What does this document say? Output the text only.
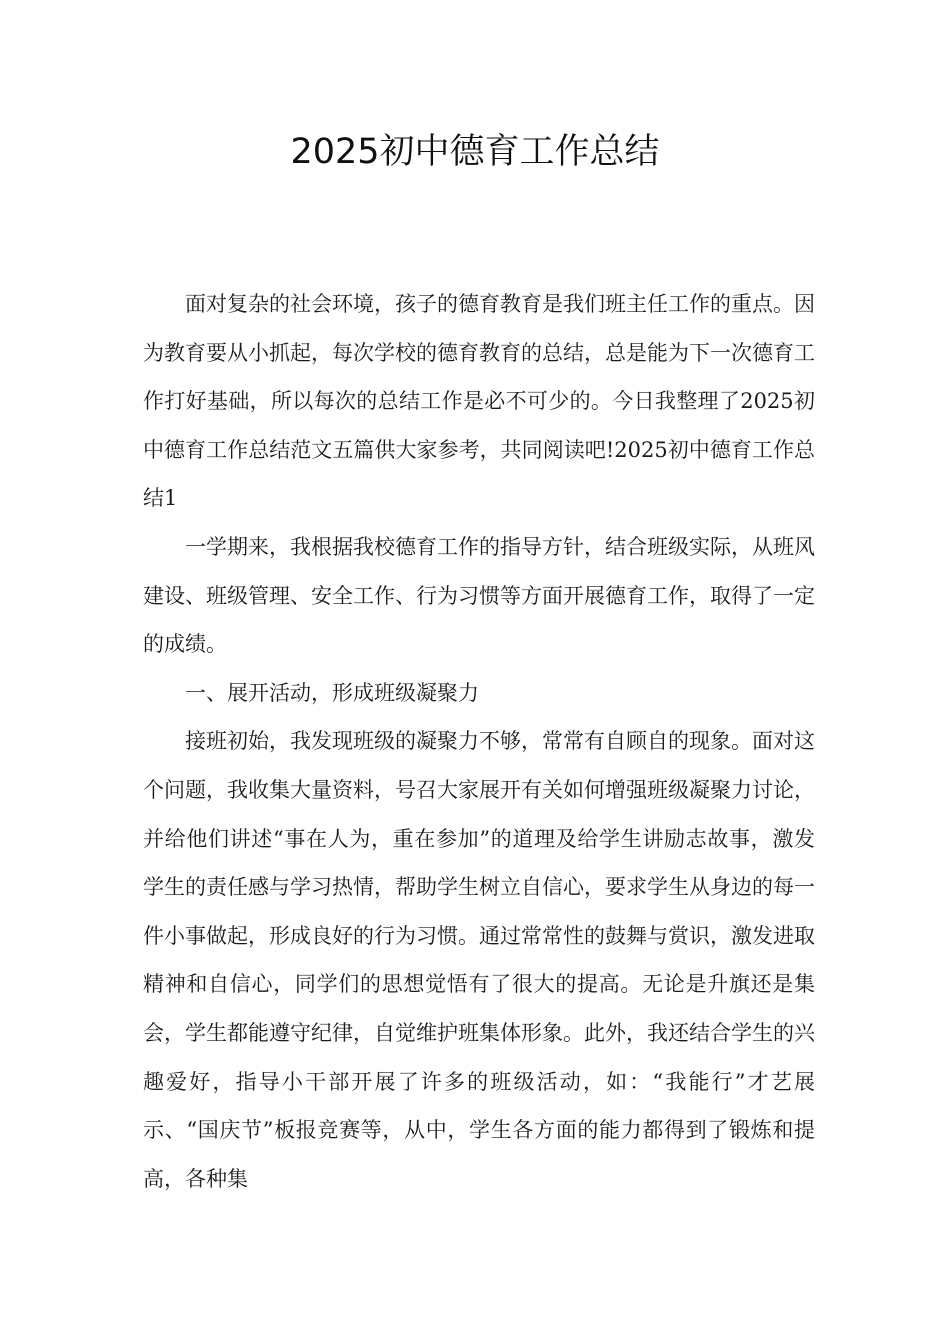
2025初中德育工作总结

面对复杂的社会环境，孩子的德育教育是我们班主任工作的重点。因为教育要从小抓起，每次学校的德育教育的总结，总是能为下一次德育工作打好基础，所以每次的总结工作是必不可少的。今日我整理了2025初中德育工作总结范文五篇供大家参考，共同阅读吧!2025初中德育工作总结1

一学期来，我根据我校德育工作的指导方针，结合班级实际，从班风建设、班级管理、安全工作、行为习惯等方面开展德育工作，取得了一定的成绩。

一、展开活动，形成班级凝聚力

接班初始，我发现班级的凝聚力不够，常常有自顾自的现象。面对这个问题，我收集大量资料，号召大家展开有关如何增强班级凝聚力讨论，并给他们讲述“事在人为，重在参加”的道理及给学生讲励志故事，激发学生的责任感与学习热情，帮助学生树立自信心，要求学生从身边的每一件小事做起，形成良好的行为习惯。通过常常性的鼓舞与赏识，激发进取精神和自信心，同学们的思想觉悟有了很大的提高。无论是升旗还是集会，学生都能遵守纪律，自觉维护班集体形象。此外，我还结合学生的兴趣爱好，指导小干部开展了许多的班级活动，如：“我能行”才艺展示、“国庆节”板报竞赛等，从中，学生各方面的能力都得到了锻炼和提高，各种集
